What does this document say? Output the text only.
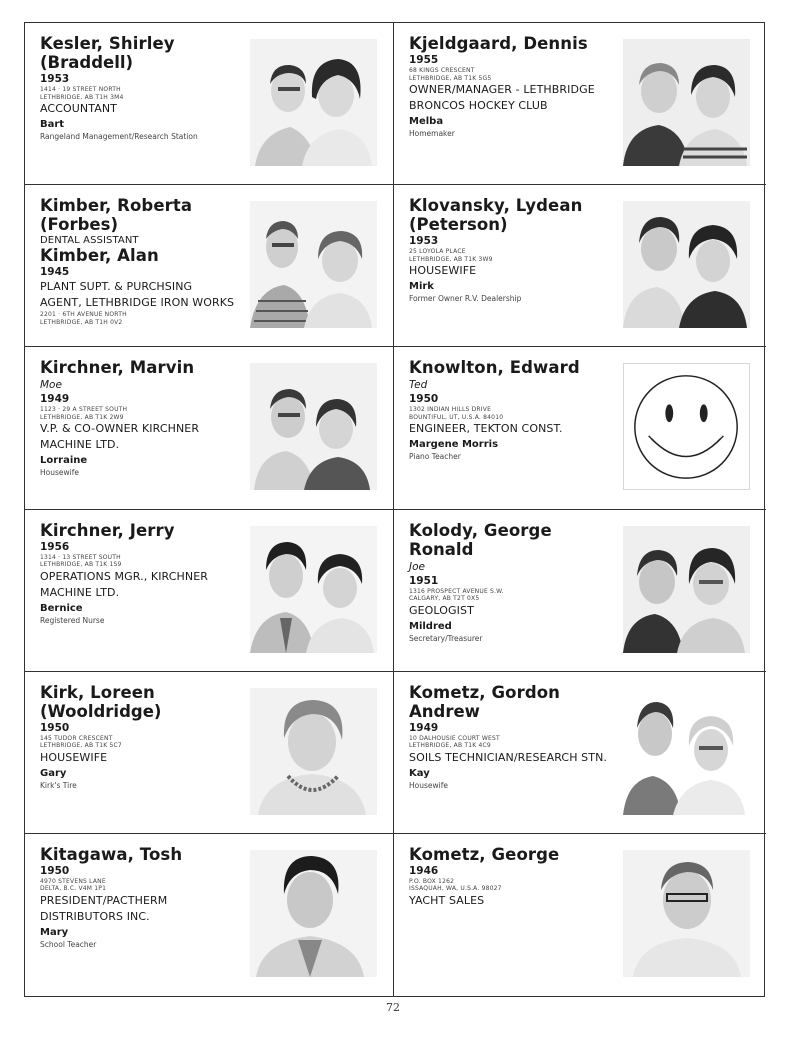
Kesler, Shirley
(Braddell)
1953
1414 · 19 STREET NORTH
LETHBRIDGE, AB T1H 3M4
ACCOUNTANT
Bart
Rangeland Management/Research Station
Kjeldgaard, Dennis
1955
68 KINGS CRESCENT
LETHBRIDGE, AB T1K 5G5
OWNER/MANAGER - LETHBRIDGE
BRONCOS HOCKEY CLUB
Melba
Homemaker
Kimber, Roberta
(Forbes)
DENTAL ASSISTANT
Kimber, Alan
1945
PLANT SUPT. & PURCHSING
AGENT, LETHBRIDGE IRON WORKS
2201 · 6TH AVENUE NORTH
LETHBRIDGE, AB T1H 0V2
Klovansky, Lydean
(Peterson)
1953
25 LOYOLA PLACE
LETHBRIDGE, AB T1K 3W9
HOUSEWIFE
Mirk
Former Owner R.V. Dealership
Kirchner, Marvin
Moe
1949
1123 · 29 A STREET SOUTH
LETHBRIDGE, AB T1K 2W9
V.P. & CO-OWNER KIRCHNER
MACHINE LTD.
Lorraine
Housewife
Knowlton, Edward
Ted
1950
1302 INDIAN HILLS DRIVE
BOUNTIFUL, UT, U.S.A. 84010
ENGINEER, TEKTON CONST.
Margene Morris
Piano Teacher
Kirchner, Jerry
1956
1314 · 13 STREET SOUTH
LETHBRIDGE, AB T1K 1S9
OPERATIONS MGR., KIRCHNER
MACHINE LTD.
Bernice
Registered Nurse
Kolody, George
Ronald
Joe
1951
1316 PROSPECT AVENUE S.W.
CALGARY, AB T2T 0X5
GEOLOGIST
Mildred
Secretary/Treasurer
Kirk, Loreen
(Wooldridge)
1950
145 TUDOR CRESCENT
LETHBRIDGE, AB T1K 5C7
HOUSEWIFE
Gary
Kirk's Tire
Kometz, Gordon
Andrew
1949
10 DALHOUSIE COURT WEST
LETHBRIDGE, AB T1K 4C9
SOILS TECHNICIAN/RESEARCH STN.
Kay
Housewife
Kitagawa, Tosh
1950
4970 STEVENS LANE
DELTA, B.C. V4M 1P1
PRESIDENT/PACTHERM
DISTRIBUTORS INC.
Mary
School Teacher
Kometz, George
1946
P.O. BOX 1262
ISSAQUAH, WA, U.S.A. 98027
YACHT SALES
72
